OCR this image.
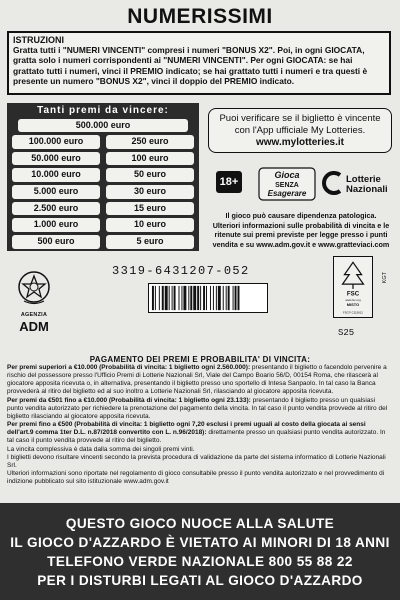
NUMERISSIMI
ISTRUZIONI
Gratta tutti i "NUMERI VINCENTI" compresi i numeri "BONUS X2". Poi, in ogni GIOCATA, gratta solo i numeri corrispondenti ai "NUMERI VINCENTI". Per ogni GIOCATA: se hai grattato tutti i numeri, vinci il PREMIO indicato; se hai grattato tutti i numeri e tra questi è presente un numero "BONUS X2", vinci il doppio del PREMIO indicato.
Tanti premi da vincere:
500.000 euro
100.000 euro	250 euro
50.000 euro	100 euro
10.000 euro	50 euro
5.000 euro	30 euro
2.500 euro	15 euro
1.000 euro	10 euro
500 euro	5 euro
Puoi verificare se il biglietto è vincente
con l'App ufficiale My Lotteries.
www.mylotteries.it
18+
Gioca
SENZA
Esagerare
Lotterie
Nazionali
Il gioco può causare dipendenza patologica.
Ulteriori informazioni sulle probabilità di vincita e le
ritenute sui premi previste per legge presso i punti
vendita e su www.adm.gov.it e www.gratteviaci.com
AGENZIA
ADM
3319-6431207-052
FSC
www.fsc.org
MISTO
FSC® C115612
KGT
S25
PAGAMENTO DEI PREMI E PROBABILITA' DI VINCITA:

Per premi superiori a €10.000 (Probabilità di vincita: 1 biglietto ogni 2.560.000): presentando il biglietto o facendolo pervenire a rischio del possessore presso l'Ufficio Premi di Lotterie Nazionali Srl, Viale del Campo Boario 56/D, 00154 Roma, che rilascerà al giocatore apposita ricevuta o, in alternativa, presentando il biglietto presso uno sportello di Intesa Sanpaolo. In tal caso la Banca provvederà al ritiro del biglietto ed al suo inoltro a Lotterie Nazionali Srl, rilasciando al giocatore apposita ricevuta.

Per premi da €501 fino a €10.000 (Probabilità di vincita: 1 biglietto ogni 23.133): presentando il biglietto presso un qualsiasi punto vendita autorizzato per richiedere la prenotazione del pagamento della vincita. In tal caso il punto vendita provvede al ritiro del biglietto rilasciando al giocatore apposita ricevuta.

Per premi fino a €500 (Probabilità di vincita: 1 biglietto ogni 7,20 esclusi i premi uguali al costo della giocata ai sensi dell'art.9 comma 1ter D.L. n.87/2018 convertito con L. n.96/2018): direttamente presso un qualsiasi punto vendita autorizzato. In tal caso il punto vendita provvede al ritiro del biglietto.

La vincita complessiva è data dalla somma dei singoli premi vinti.

I biglietti devono risultare vincenti secondo la prevista procedura di validazione da parte del sistema informatico di Lotterie Nazionali Srl.

Ulteriori informazioni sono riportate nel regolamento di gioco consultabile presso il punto vendita autorizzato e nel provvedimento di indizione pubblicato sul sito istituzionale www.adm.gov.it

QUESTO GIOCO NUOCE ALLA SALUTE
IL GIOCO D'AZZARDO È VIETATO AI MINORI DI 18 ANNI
TELEFONO VERDE NAZIONALE 800 55 88 22
PER I DISTURBI LEGATI AL GIOCO D'AZZARDO
